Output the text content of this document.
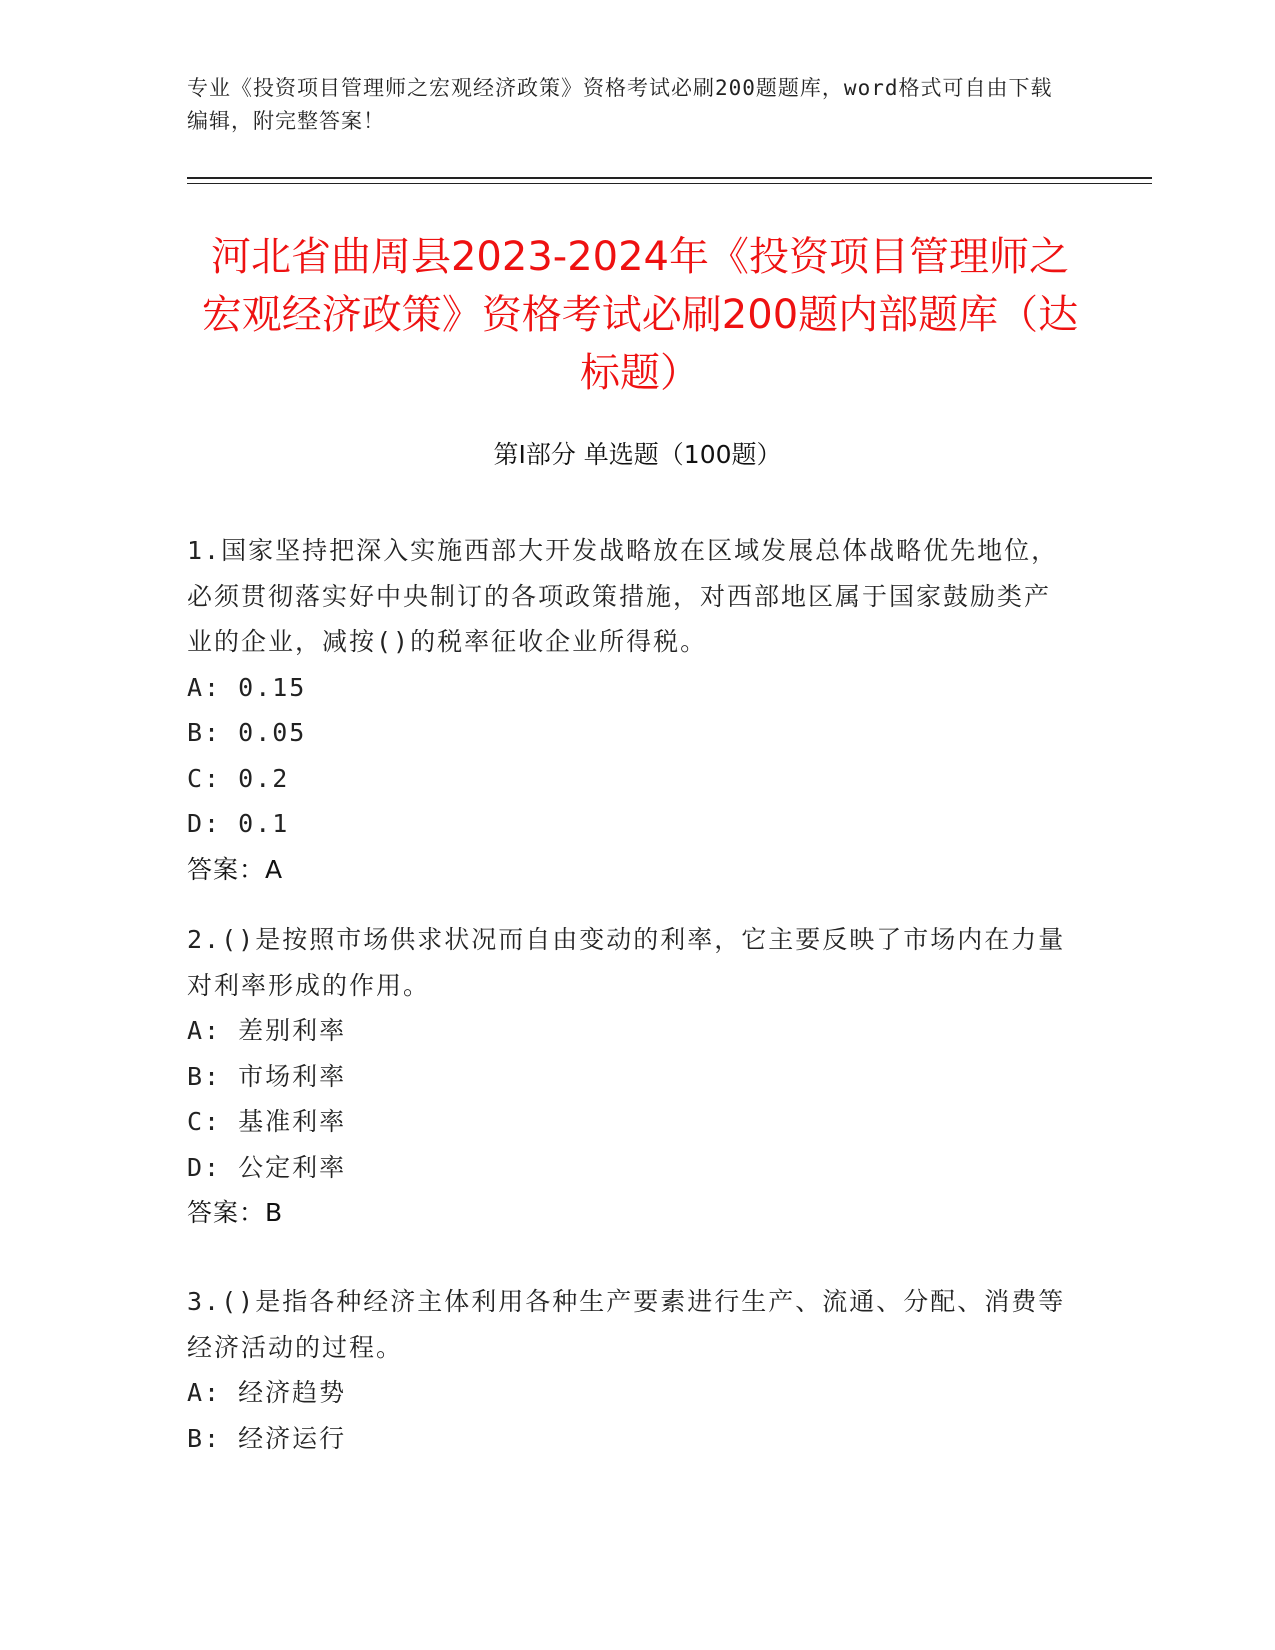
专业《投资项目管理师之宏观经济政策》资格考试必刷200题题库，word格式可自由下载编辑，附完整答案！
河北省曲周县2023-2024年《投资项目管理师之宏观经济政策》资格考试必刷200题内部题库（达标题）
第Ⅰ部分 单选题（100题）

1.国家坚持把深入实施西部大开发战略放在区域发展总体战略优先地位，必须贯彻落实好中央制订的各项政策措施，对西部地区属于国家鼓励类产业的企业，减按()的税率征收企业所得税。

A: 0.15

B: 0.05

C: 0.2

D: 0.1

答案：A

2.()是按照市场供求状况而自由变动的利率，它主要反映了市场内在力量对利率形成的作用。

A: 差别利率

B: 市场利率

C: 基准利率

D: 公定利率

答案：B

3.()是指各种经济主体利用各种生产要素进行生产、流通、分配、消费等经济活动的过程。

A: 经济趋势

B: 经济运行
